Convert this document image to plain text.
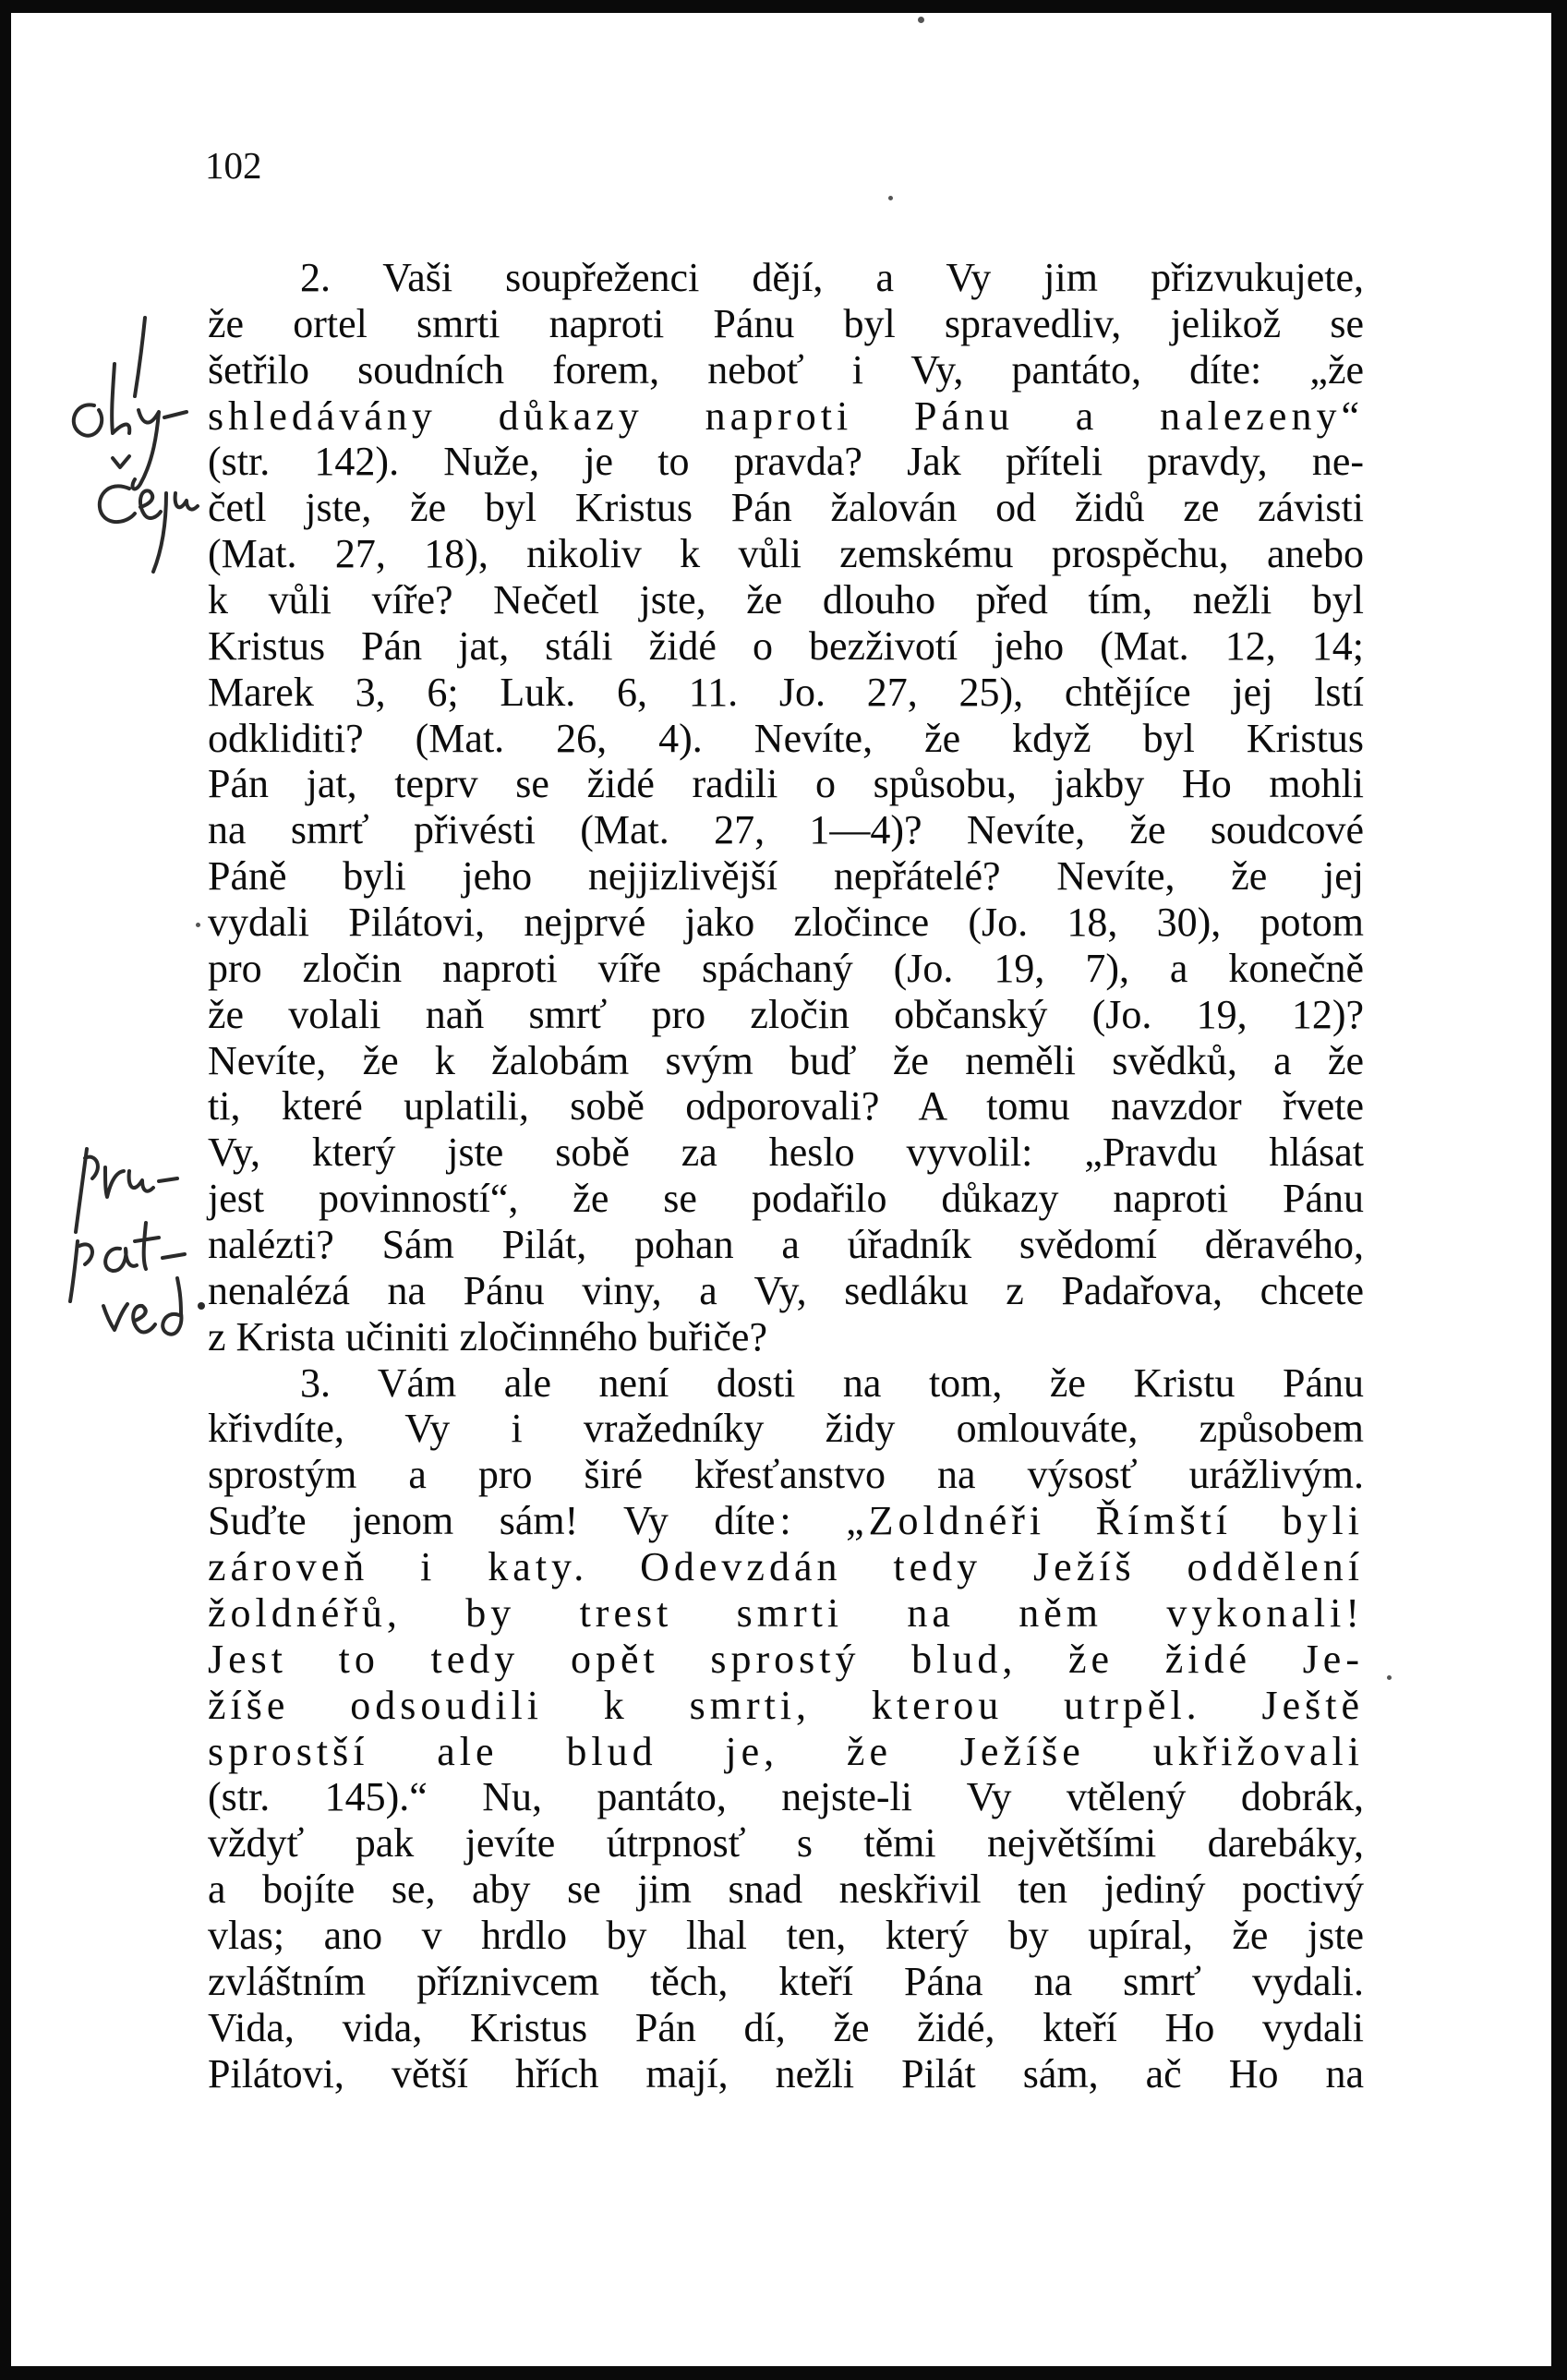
102
2. Vaši soupřeženci dějí, a Vy jim přizvukujete,
že ortel smrti naproti Pánu byl spravedliv, jelikož se
šetřilo soudních forem, neboť i Vy, pantáto, díte: „že
shledávány důkazy naproti Pánu a nalezeny“
(str. 142). Nuže, je to pravda? Jak příteli pravdy, ne-
četl jste, že byl Kristus Pán žalován od židů ze závisti
(Mat. 27, 18), nikoliv k vůli zemskému prospěchu, anebo
k vůli víře? Nečetl jste, že dlouho před tím, nežli byl
Kristus Pán jat, stáli židé o bezživotí jeho (Mat. 12, 14;
Marek 3, 6; Luk. 6, 11. Jo. 27, 25), chtějíce jej lstí
odkliditi? (Mat. 26, 4). Nevíte, že když byl Kristus
Pán jat, teprv se židé radili o spůsobu, jakby Ho mohli
na smrť přivésti (Mat. 27, 1—4)? Nevíte, že soudcové
Páně byli jeho nejjizlivější nepřátelé? Nevíte, že jej
vydali Pilátovi, nejprvé jako zločince (Jo. 18, 30), potom
pro zločin naproti víře spáchaný (Jo. 19, 7), a konečně
že volali naň smrť pro zločin občanský (Jo. 19, 12)?
Nevíte, že k žalobám svým buď že neměli svědků, a že
ti, které uplatili, sobě odporovali? A tomu navzdor řvete
Vy, který jste sobě za heslo vyvolil: „Pravdu hlásat
jest povinností“, že se podařilo důkazy naproti Pánu
nalézti? Sám Pilát, pohan a úřadník svědomí děravého,
nenalézá na Pánu viny, a Vy, sedláku z Padařova, chcete
z Krista učiniti zločinného buřiče?
3. Vám ale není dosti na tom, že Kristu Pánu
křivdíte, Vy i vražedníky židy omlouváte, způsobem
sprostým a pro širé křesťanstvo na výsosť urážlivým.
Suďte jenom sám! Vy díte: „Zoldnéři Římští byli
zároveň i katy. Odevzdán tedy Ježíš oddělení
žoldnéřů, by trest smrti na něm vykonali!
Jest to tedy opět sprostý blud, že židé Je-
žíše odsoudili k smrti, kterou utrpěl. Ještě
sprostší ale blud je, že Ježíše ukřižovali
(str. 145).“ Nu, pantáto, nejste-li Vy vtělený dobrák,
vždyť pak jevíte útrpnosť s těmi největšími darebáky,
a bojíte se, aby se jim snad neskřivil ten jediný poctivý
vlas; ano v hrdlo by lhal ten, který by upíral, že jste
zvláštním příznivcem těch, kteří Pána na smrť vydali.
Vida, vida, Kristus Pán dí, že židé, kteří Ho vydali
Pilátovi, větší hřích mají, nežli Pilát sám, ač Ho na
